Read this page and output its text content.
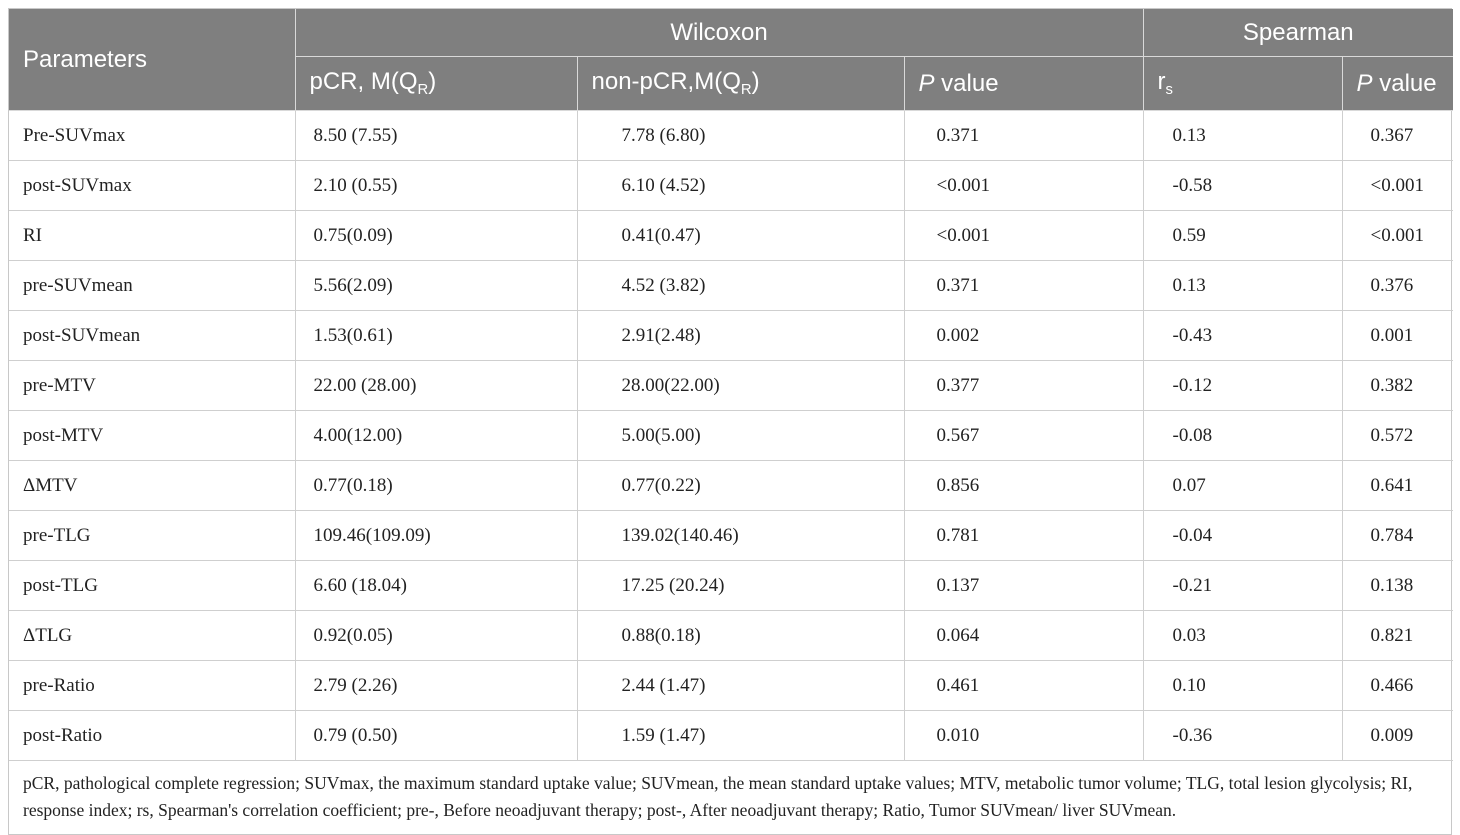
Parameters	Wilcoxon			Spearman	
	pCR, $M(Q_R)$	non-$pCR,M(Q_R)$	P value	$r_s$	P value
Pre-SUVmax	8.50 (7.55)	7.78 (6.80)	0.371	0.13	0.367
post-SUVmax	2.10 (0.55)	6.10 (4.52)	<0.001	-0.58	<0.001
RI	0.75(0.09)	0.41(0.47)	<0.001	0.59	<0.001
pre-SUVmean	5.56(2.09)	4.52 (3.82)	0.371	0.13	0.376
post-SUVmean	1.53(0.61)	2.91(2.48)	0.002	-0.43	0.001
pre-MTV	22.00 (28.00)	28.00(22.00)	0.377	-0.12	0.382
post-MTV	4.00(12.00)	5.00(5.00)	0.567	-0.08	0.572
ΔMTV	0.77(0.18)	0.77(0.22)	0.856	0.07	0.641
pre-TLG	109.46(109.09)	139.02(140.46)	0.781	-0.04	0.784
post-TLG	6.60 (18.04)	17.25 (20.24)	0.137	-0.21	0.138
ΔTLG	0.92(0.05)	0.88(0.18)	0.064	0.03	0.821
pre-Ratio	2.79 (2.26)	2.44 (1.47)	0.461	0.10	0.466
post-Ratio	0.79 (0.50)	1.59 (1.47)	0.010	-0.36	0.009
pCR, pathological complete regression; SUVmax, the maximum standard uptake value; SUVmean, the mean standard uptake values; MTV, metabolic tumor volume; TLG, total lesion glycolysis; RI, response index; rs, Spearman's correlation coefficient; pre-, Before neoadjuvant therapy; post-, After neoadjuvant therapy; Ratio, Tumor SUVmean/ liver SUVmean.
